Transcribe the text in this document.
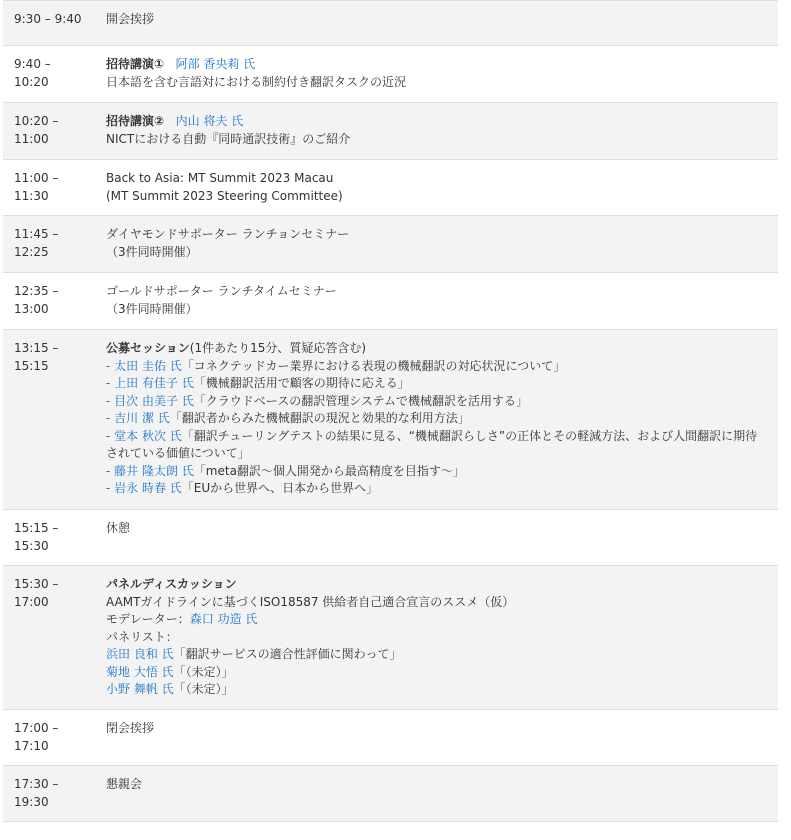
9:30 – 9:40	開会挨拶
9:40 –
10:20
招待講演① 阿部 香央莉 氏
日本語を含む言語対における制約付き翻訳タスクの近況
10:20 –
11:00
招待講演② 内山 将夫 氏
NICTにおける自動『同時通訳技術』のご紹介
11:00 –
11:30
Back to Asia: MT Summit 2023 Macau
(MT Summit 2023 Steering Committee)
11:45 –
12:25
ダイヤモンドサポーター ランチョンセミナー
（3件同時開催）
12:35 –
13:00
ゴールドサポーター ランチタイムセミナー
（3件同時開催）
13:15 –
15:15
公募セッション(1件あたり15分、質疑応答含む)
- 太田 圭佑 氏「コネクテッドカー業界における表現の機械翻訳の対応状況について」
- 上田 有佳子 氏「機械翻訳活用で顧客の期待に応える」
- 目次 由美子 氏「クラウドベースの翻訳管理システムで機械翻訳を活用する」
- 吉川 潔 氏「翻訳者からみた機械翻訳の現況と効果的な利用方法」
- 堂本 秋次 氏「翻訳チューリングテストの結果に見る、“機械翻訳らしさ”の正体とその軽減方法、および人間翻訳に期待されている価値について」
- 藤井 隆太朗 氏「meta翻訳～個人開発から最高精度を目指す～」
- 岩永 時春 氏「EUから世界へ、日本から世界へ」
15:15 –
15:30
休憩
15:30 –
17:00
パネルディスカッション
AAMTガイドラインに基づくISO18587 供給者自己適合宣言のススメ（仮）
モデレーター：森口 功造 氏
パネリスト：
浜田 良和 氏「翻訳サービスの適合性評価に関わって」
菊地 大悟 氏「（未定）」
小野 舞帆 氏「（未定）」
17:00 –
17:10
閉会挨拶
17:30 –
19:30
懇親会
